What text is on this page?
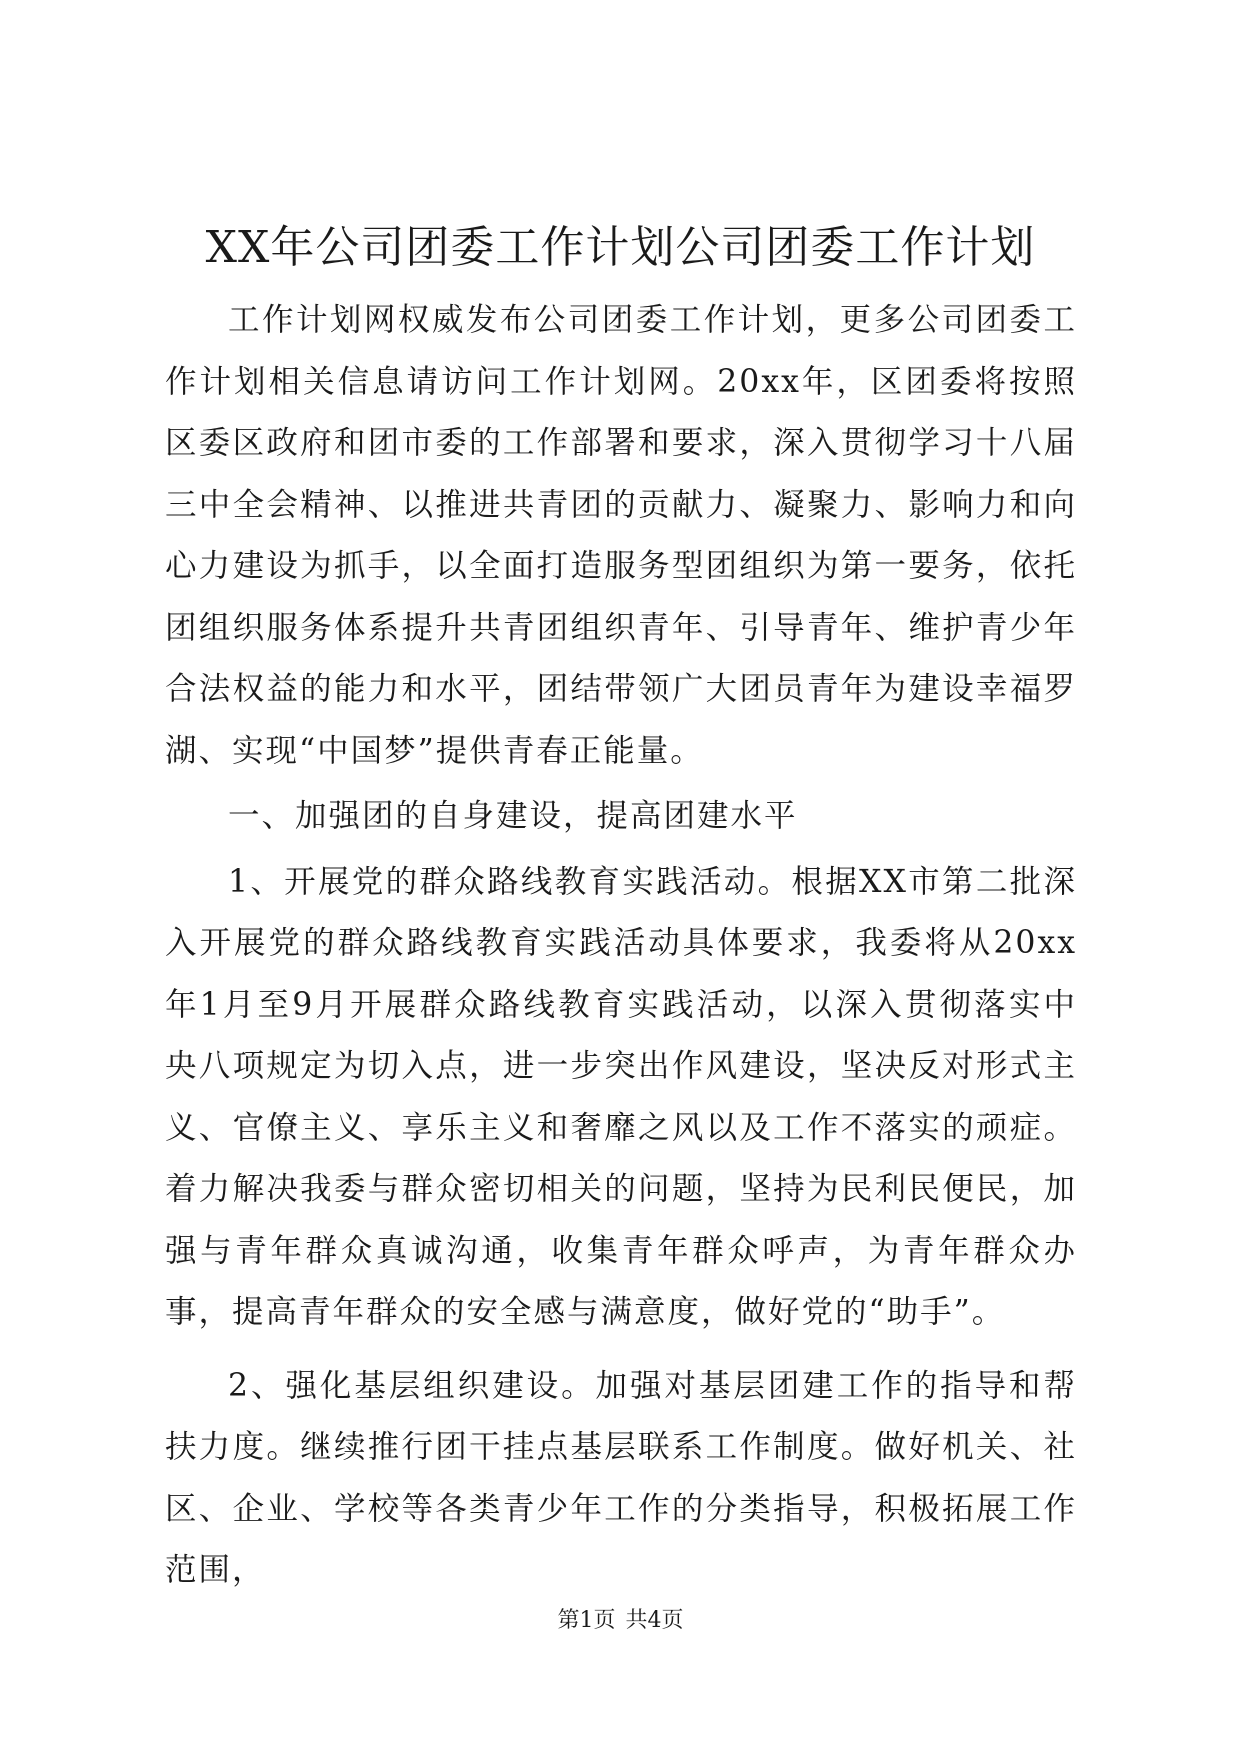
XX年公司团委工作计划公司团委工作计划

工作计划网权威发布公司团委工作计划，更多公司团委工作计划相关信息请访问工作计划网。20xx年，区团委将按照区委区政府和团市委的工作部署和要求，深入贯彻学习十八届三中全会精神、以推进共青团的贡献力、凝聚力、影响力和向心力建设为抓手，以全面打造服务型团组织为第一要务，依托团组织服务体系提升共青团组织青年、引导青年、维护青少年合法权益的能力和水平，团结带领广大团员青年为建设幸福罗湖、实现“中国梦”提供青春正能量。

一、加强团的自身建设，提高团建水平

1、开展党的群众路线教育实践活动。根据XX市第二批深入开展党的群众路线教育实践活动具体要求，我委将从20xx年1月至9月开展群众路线教育实践活动，以深入贯彻落实中央八项规定为切入点，进一步突出作风建设，坚决反对形式主义、官僚主义、享乐主义和奢靡之风以及工作不落实的顽症。着力解决我委与群众密切相关的问题，坚持为民利民便民，加强与青年群众真诚沟通，收集青年群众呼声，为青年群众办事，提高青年群众的安全感与满意度，做好党的“助手”。

2、强化基层组织建设。加强对基层团建工作的指导和帮扶力度。继续推行团干挂点基层联系工作制度。做好机关、社区、企业、学校等各类青少年工作的分类指导，积极拓展工作范围，

第1页 共4页
